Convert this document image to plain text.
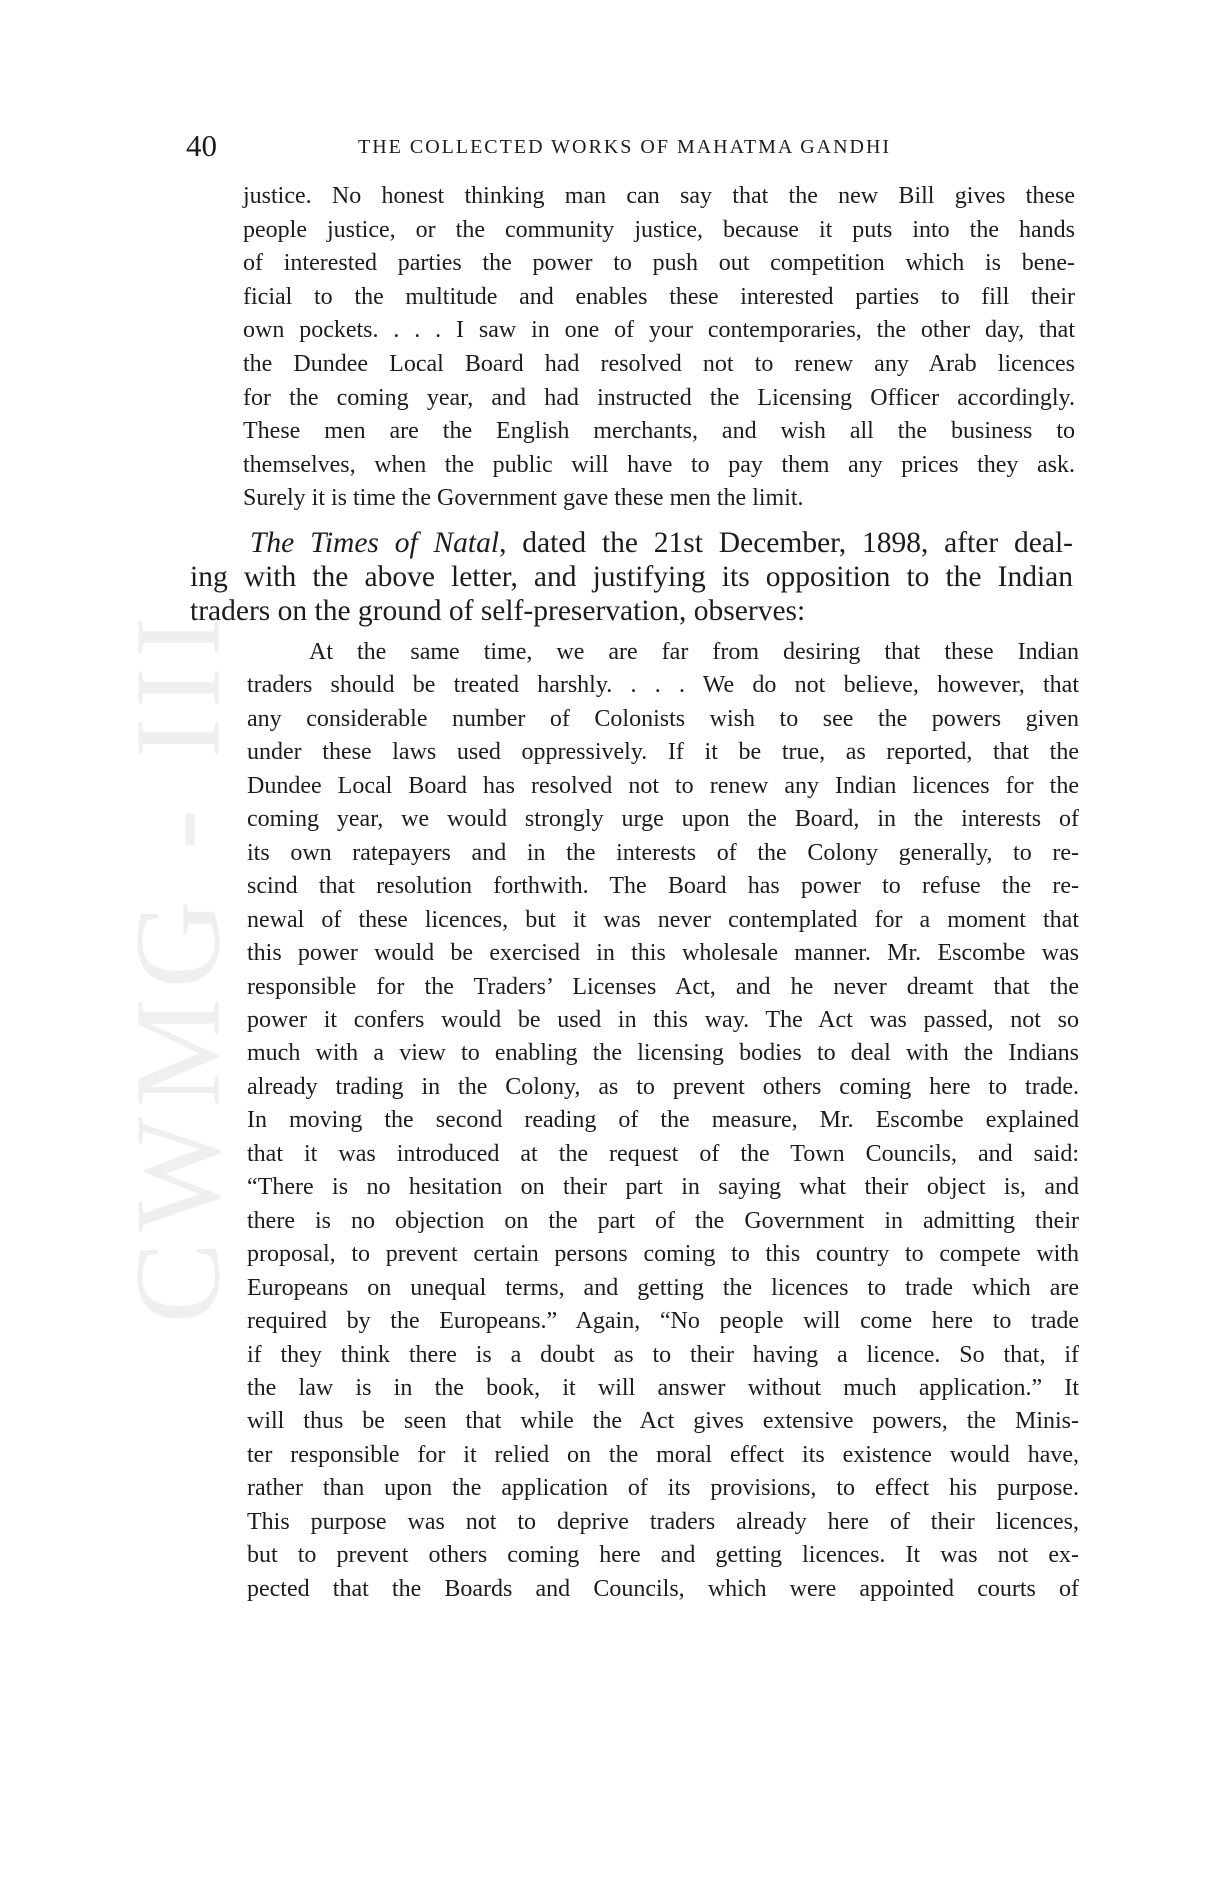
CWMG - III
40	THE COLLECTED WORKS OF MAHATMA GANDHI
justice. No honest thinking man can say that the new Bill gives these
people justice, or the community justice, because it puts into the hands
of interested parties the power to push out competition which is bene-
ficial to the multitude and enables these interested parties to fill their
own pockets. . . . I saw in one of your contemporaries, the other day, that
the Dundee Local Board had resolved not to renew any Arab licences
for the coming year, and had instructed the Licensing Officer accordingly.
These men are the English merchants, and wish all the business to
themselves, when the public will have to pay them any prices they ask.
Surely it is time the Government gave these men the limit.
The Times of Natal, dated the 21st December, 1898, after deal-
ing with the above letter, and justifying its opposition to the Indian
traders on the ground of self-preservation, observes:
At the same time, we are far from desiring that these Indian
traders should be treated harshly. . . . We do not believe, however, that
any considerable number of Colonists wish to see the powers given
under these laws used oppressively. If it be true, as reported, that the
Dundee Local Board has resolved not to renew any Indian licences for the
coming year, we would strongly urge upon the Board, in the interests of
its own ratepayers and in the interests of the Colony generally, to re-
scind that resolution forthwith. The Board has power to refuse the re-
newal of these licences, but it was never contemplated for a moment that
this power would be exercised in this wholesale manner. Mr. Escombe was
responsible for the Traders’ Licenses Act, and he never dreamt that the
power it confers would be used in this way. The Act was passed, not so
much with a view to enabling the licensing bodies to deal with the Indians
already trading in the Colony, as to prevent others coming here to trade.
In moving the second reading of the measure, Mr. Escombe explained
that it was introduced at the request of the Town Councils, and said:
“There is no hesitation on their part in saying what their object is, and
there is no objection on the part of the Government in admitting their
proposal, to prevent certain persons coming to this country to compete with
Europeans on unequal terms, and getting the licences to trade which are
required by the Europeans.” Again, “No people will come here to trade
if they think there is a doubt as to their having a licence. So that, if
the law is in the book, it will answer without much application.” It
will thus be seen that while the Act gives extensive powers, the Minis-
ter responsible for it relied on the moral effect its existence would have,
rather than upon the application of its provisions, to effect his purpose.
This purpose was not to deprive traders already here of their licences,
but to prevent others coming here and getting licences. It was not ex-
pected that the Boards and Councils, which were appointed courts of
